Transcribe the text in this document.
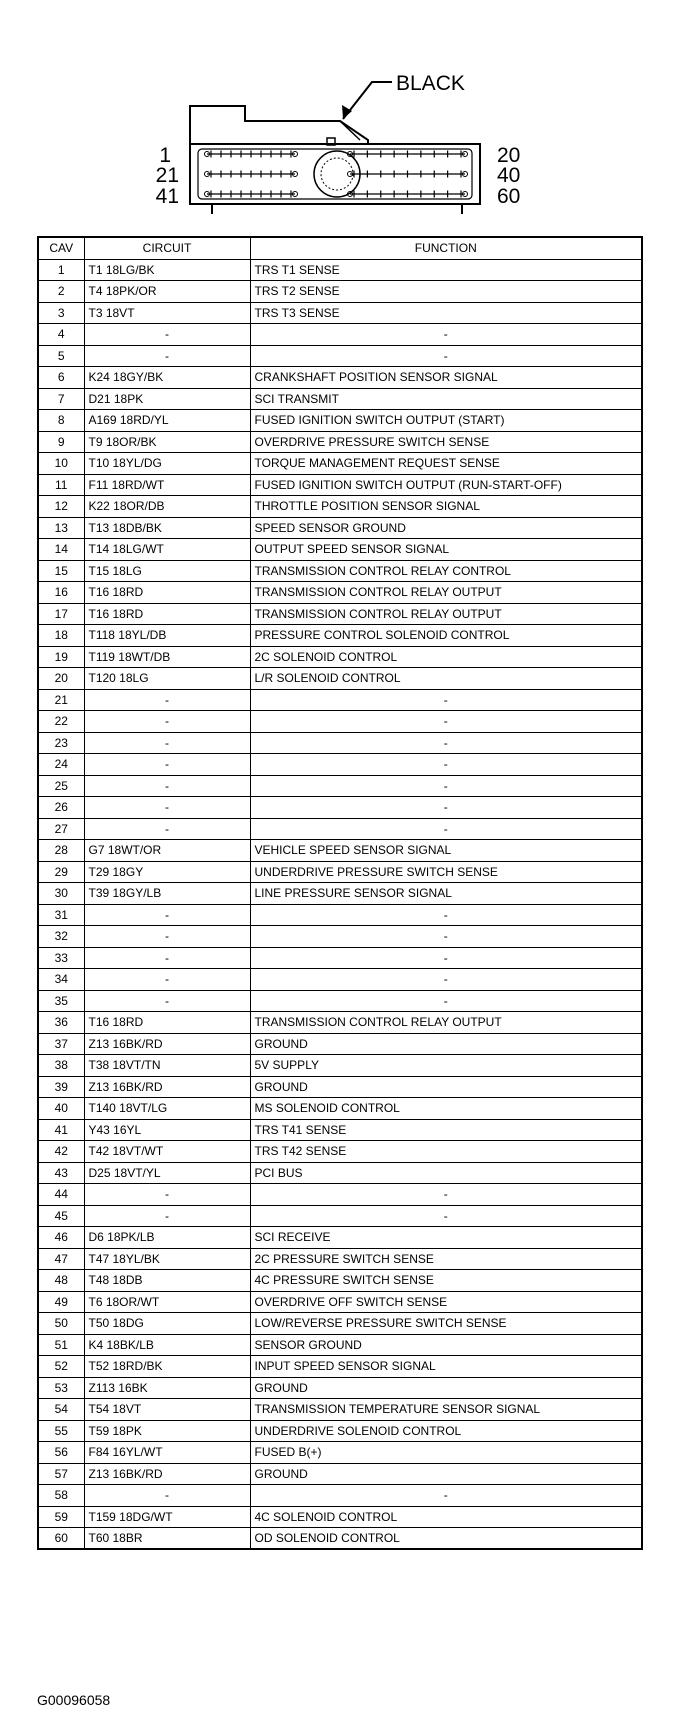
BLACK
1
21
41
20
40
60
CAV	CIRCUIT	FUNCTION
1	T1 18LG/BK	TRS T1 SENSE
2	T4 18PK/OR	TRS T2 SENSE
3	T3 18VT	TRS T3 SENSE
4	-	-
5	-	-
6	K24 18GY/BK	CRANKSHAFT POSITION SENSOR SIGNAL
7	D21 18PK	SCI TRANSMIT
8	A169 18RD/YL	FUSED IGNITION SWITCH OUTPUT (START)
9	T9 18OR/BK	OVERDRIVE PRESSURE SWITCH SENSE
10	T10 18YL/DG	TORQUE MANAGEMENT REQUEST SENSE
11	F11 18RD/WT	FUSED IGNITION SWITCH OUTPUT (RUN-START-OFF)
12	K22 18OR/DB	THROTTLE POSITION SENSOR SIGNAL
13	T13 18DB/BK	SPEED SENSOR GROUND
14	T14 18LG/WT	OUTPUT SPEED SENSOR SIGNAL
15	T15 18LG	TRANSMISSION CONTROL RELAY CONTROL
16	T16 18RD	TRANSMISSION CONTROL RELAY OUTPUT
17	T16 18RD	TRANSMISSION CONTROL RELAY OUTPUT
18	T118 18YL/DB	PRESSURE CONTROL SOLENOID CONTROL
19	T119 18WT/DB	2C SOLENOID CONTROL
20	T120 18LG	L/R SOLENOID CONTROL
21	-	-
22	-	-
23	-	-
24	-	-
25	-	-
26	-	-
27	-	-
28	G7 18WT/OR	VEHICLE SPEED SENSOR SIGNAL
29	T29 18GY	UNDERDRIVE PRESSURE SWITCH SENSE
30	T39 18GY/LB	LINE PRESSURE SENSOR SIGNAL
31	-	-
32	-	-
33	-	-
34	-	-
35	-	-
36	T16 18RD	TRANSMISSION CONTROL RELAY OUTPUT
37	Z13 16BK/RD	GROUND
38	T38 18VT/TN	5V SUPPLY
39	Z13 16BK/RD	GROUND
40	T140 18VT/LG	MS SOLENOID CONTROL
41	Y43 16YL	TRS T41 SENSE
42	T42 18VT/WT	TRS T42 SENSE
43	D25 18VT/YL	PCI BUS
44	-	-
45	-	-
46	D6 18PK/LB	SCI RECEIVE
47	T47 18YL/BK	2C PRESSURE SWITCH SENSE
48	T48 18DB	4C PRESSURE SWITCH SENSE
49	T6 18OR/WT	OVERDRIVE OFF SWITCH SENSE
50	T50 18DG	LOW/REVERSE PRESSURE SWITCH SENSE
51	K4 18BK/LB	SENSOR GROUND
52	T52 18RD/BK	INPUT SPEED SENSOR SIGNAL
53	Z113 16BK	GROUND
54	T54 18VT	TRANSMISSION TEMPERATURE SENSOR SIGNAL
55	T59 18PK	UNDERDRIVE SOLENOID CONTROL
56	F84 16YL/WT	FUSED B(+)
57	Z13 16BK/RD	GROUND
58	-	-
59	T159 18DG/WT	4C SOLENOID CONTROL
60	T60 18BR	OD SOLENOID CONTROL
G00096058
